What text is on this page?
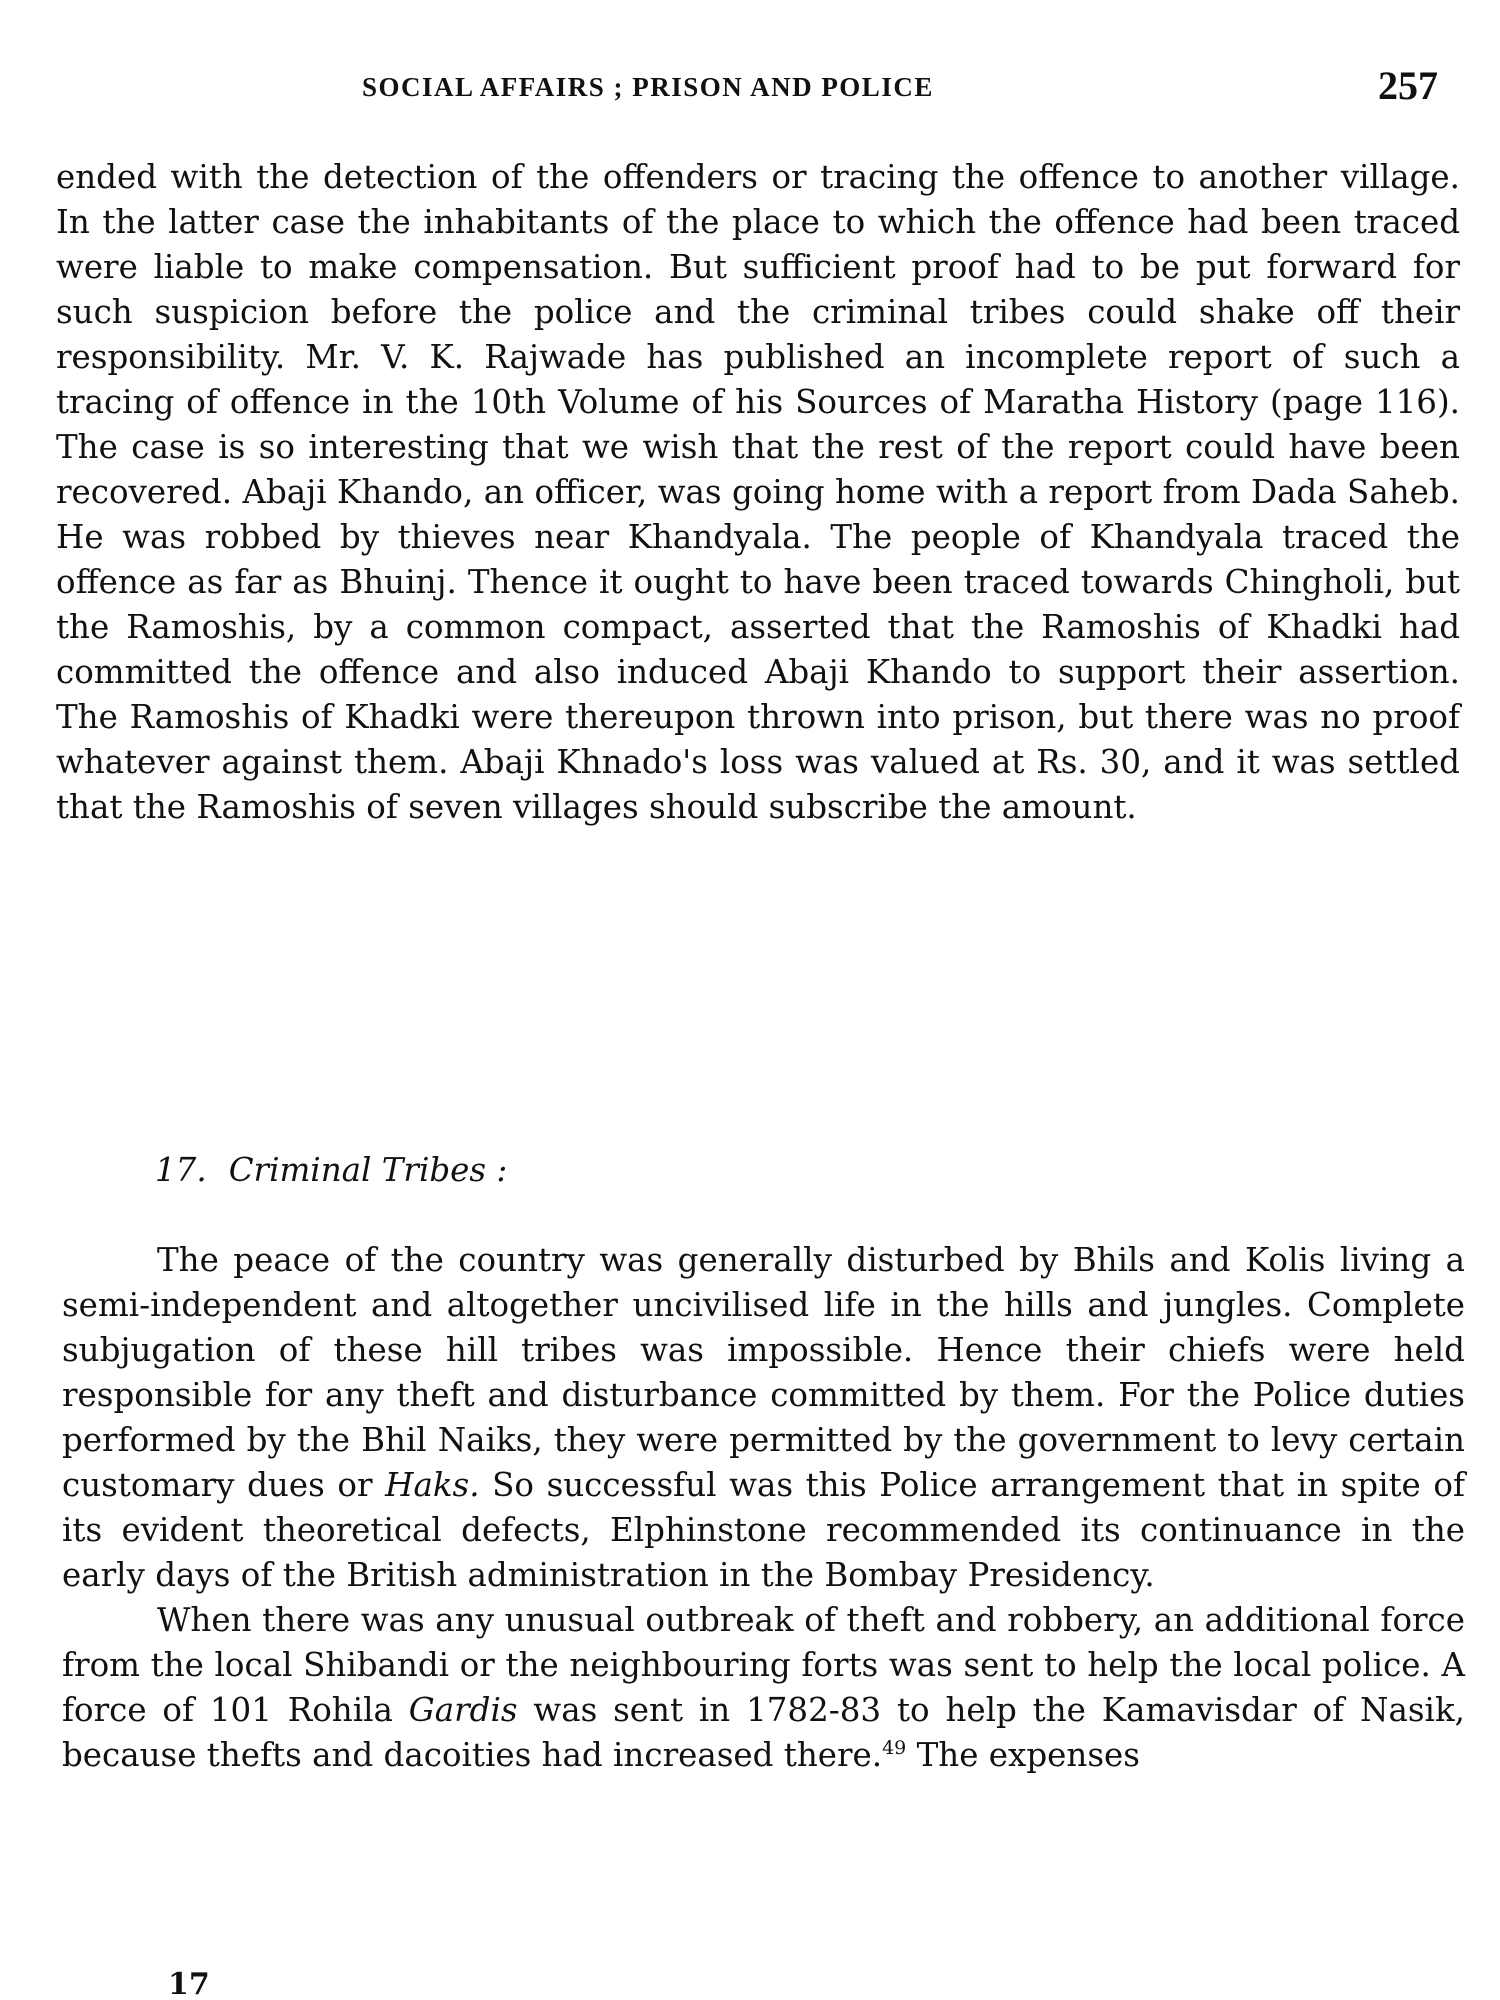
SOCIAL AFFAIRS ; PRISON AND POLICE	257

ended with the detection of the offenders or tracing the offence to another village. In the latter case the inhabitants of the place to which the offence had been traced were liable to make compensation. But sufficient proof had to be put forward for such suspicion before the police and the criminal tribes could shake off their responsibility. Mr. V. K. Rajwade has published an incomplete report of such a tracing of offence in the 10th Volume of his Sources of Maratha History (page 116). The case is so interesting that we wish that the rest of the report could have been recovered. Abaji Khando, an officer, was going home with a report from Dada Saheb. He was robbed by thieves near Khandyala. The people of Khandyala traced the offence as far as Bhuinj. Thence it ought to have been traced towards Chingholi, but the Ramoshis, by a common compact, asserted that the Ramoshis of Khadki had committed the offence and also induced Abaji Khando to support their assertion. The Ramoshis of Khadki were thereupon thrown into prison, but there was no proof whatever against them. Abaji Khnado's loss was valued at Rs. 30, and it was settled that the Ramoshis of seven villages should subscribe the amount.

17. Criminal Tribes :

The peace of the country was generally disturbed by Bhils and Kolis living a semi-independent and altogether uncivilised life in the hills and jungles. Complete subjugation of these hill tribes was impossible. Hence their chiefs were held responsible for any theft and disturbance committed by them. For the Police duties performed by the Bhil Naiks, they were permitted by the government to levy certain customary dues or Haks. So successful was this Police arrangement that in spite of its evident theoretical defects, Elphinstone recommended its continuance in the early days of the British administration in the Bombay Presidency.

When there was any unusual outbreak of theft and robbery, an additional force from the local Shibandi or the neighbouring forts was sent to help the local police. A force of 101 Rohila Gardis was sent in 1782-83 to help the Kamavisdar of Nasik, because thefts and dacoities had increased there.$^{49}$ The expenses

17
